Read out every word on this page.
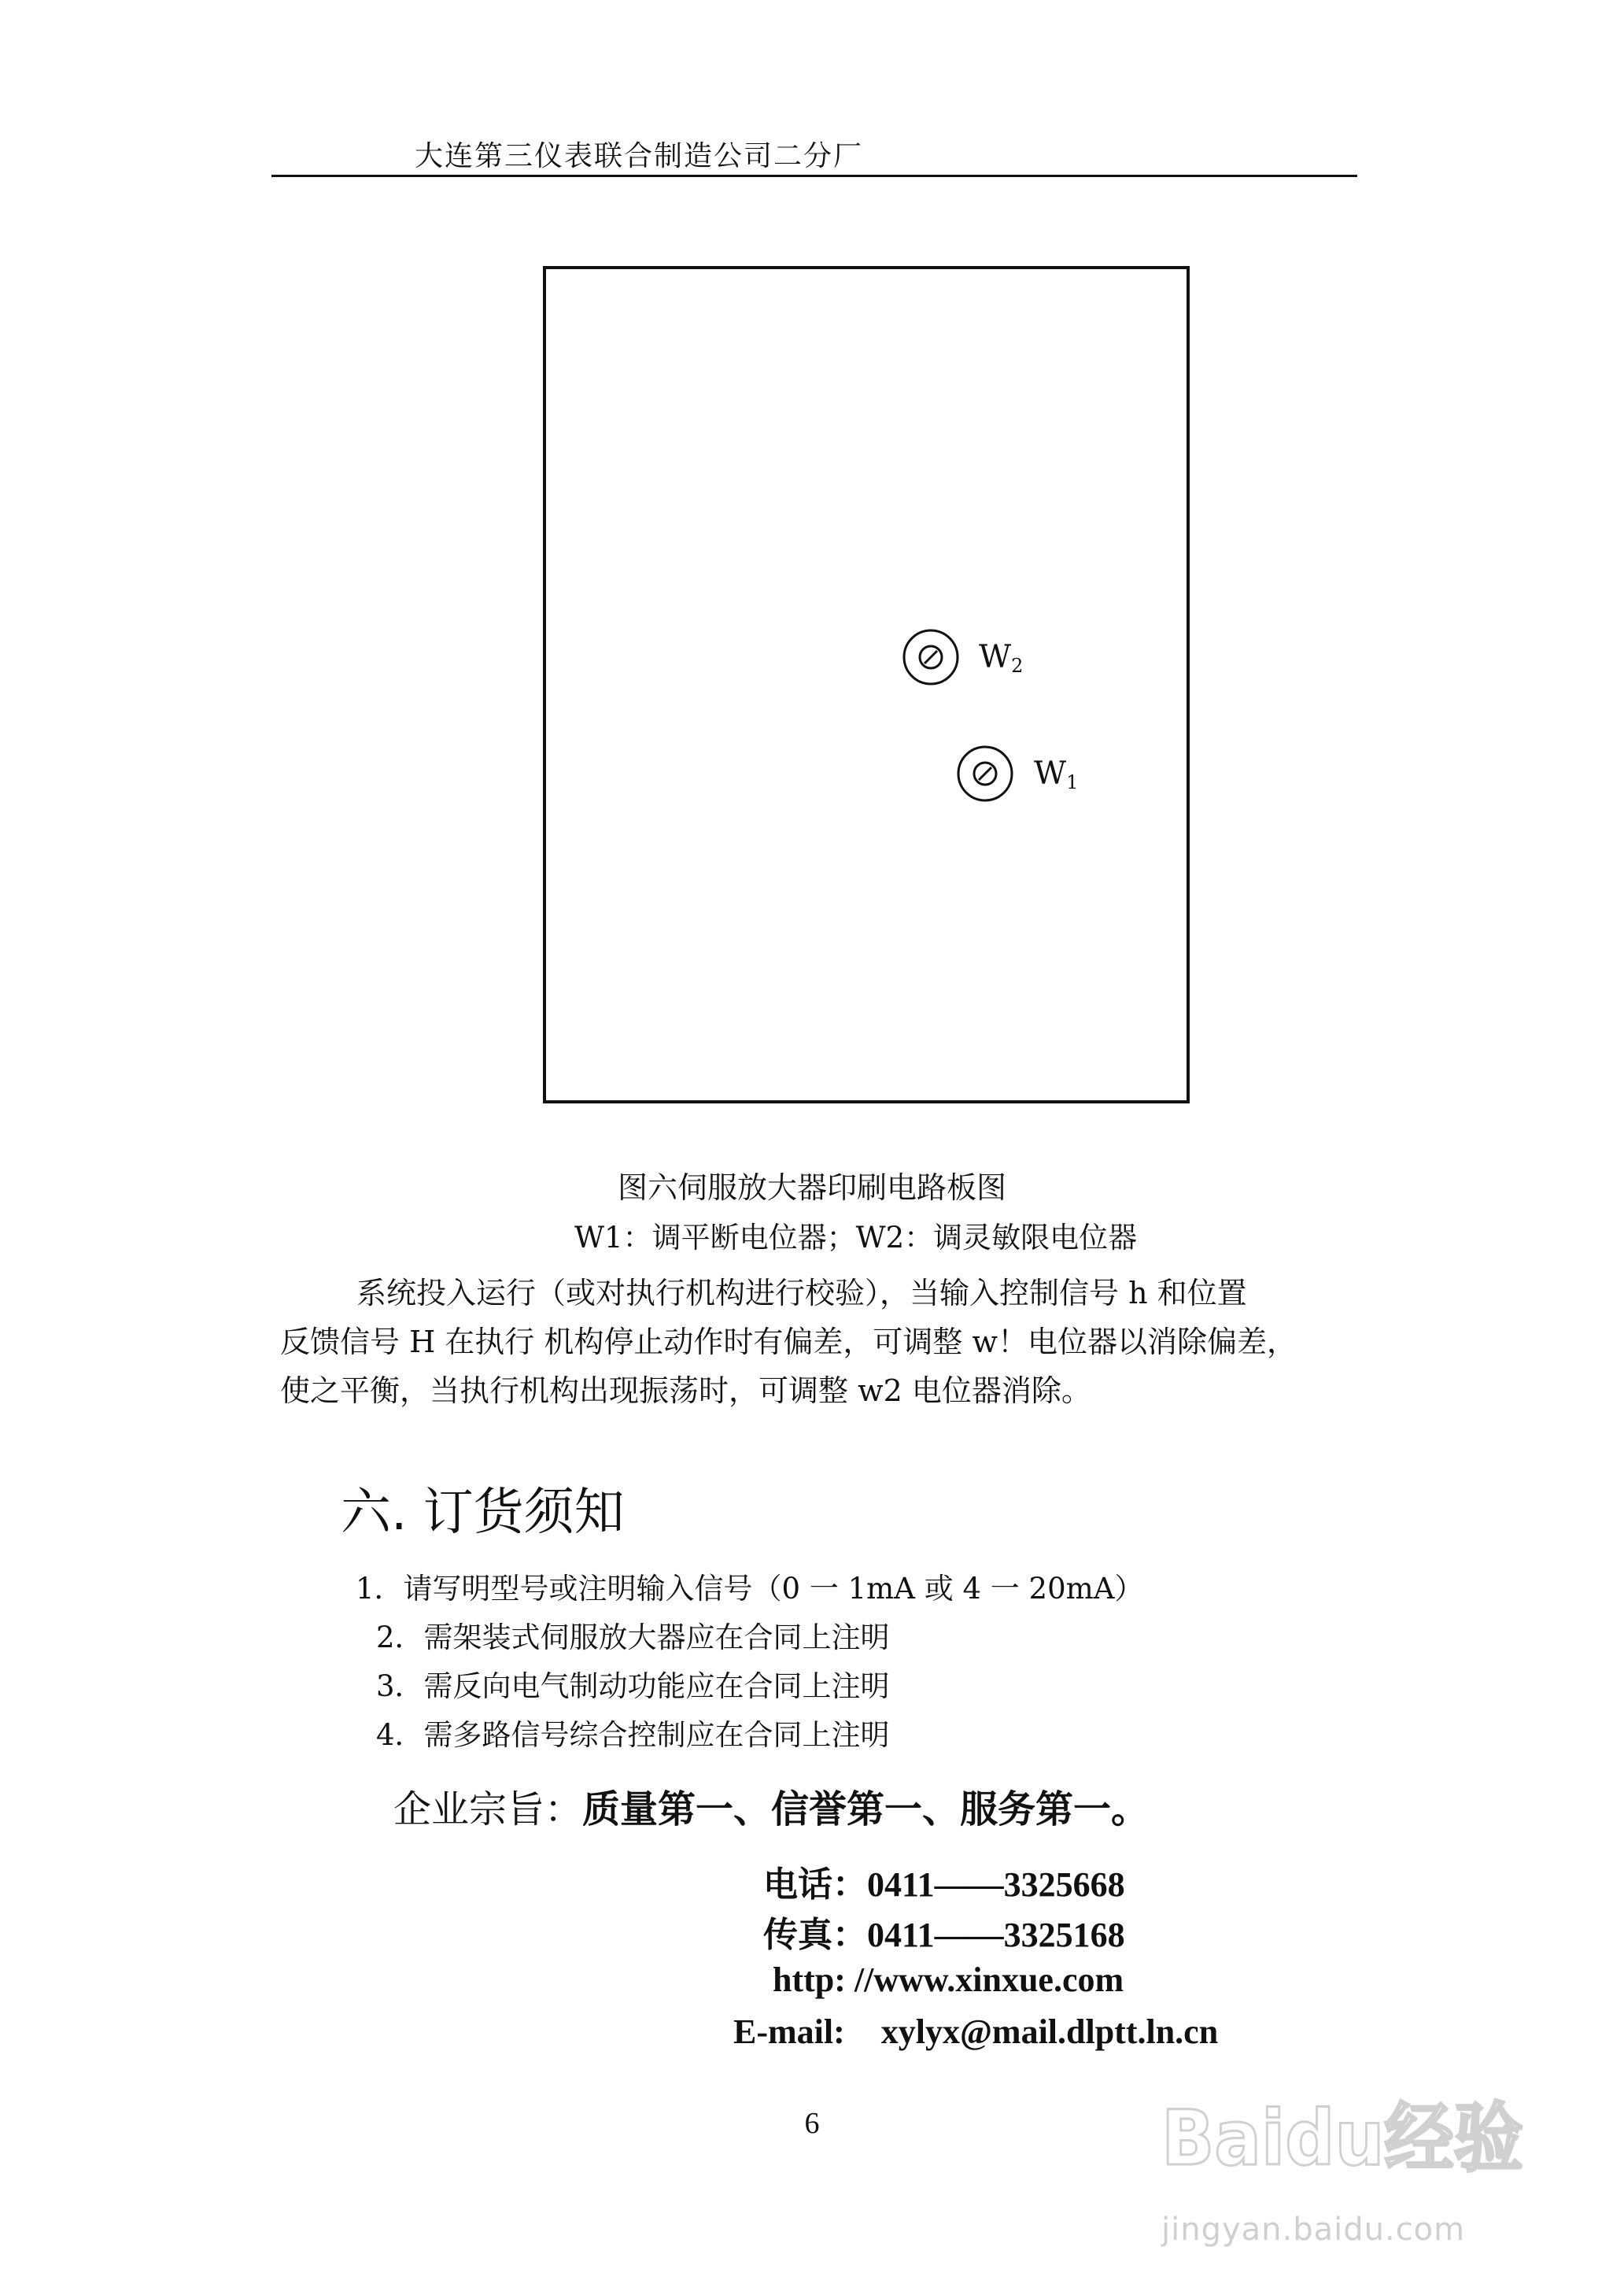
大连第三仪表联合制造公司二分厂
$W_2$
$W_1$
图六伺服放大器印刷电路板图
W1：调平断电位器；W2：调灵敏限电位器
系统投入运行（或对执行机构进行校验），当输入控制信号 h 和位置
反馈信号 H 在执行 机构停止动作时有偏差，可调整 w！电位器以消除偏差，
使之平衡，当执行机构出现振荡时，可调整 w2 电位器消除。
六. 订货须知
1．请写明型号或注明输入信号（0 一 1mA 或 4 一 20mA）
2．需架装式伺服放大器应在合同上注明
3．需反向电气制动功能应在合同上注明
4．需多路信号综合控制应在合同上注明
企业宗旨：质量第一、信誉第一、服务第一。
电话：0411——3325668
传真：0411——3325168
http: //www.xinxue.com
E-mail: xylyx@mail.dlptt.ln.cn
6	Baidu经验
jingyan.baidu.com
